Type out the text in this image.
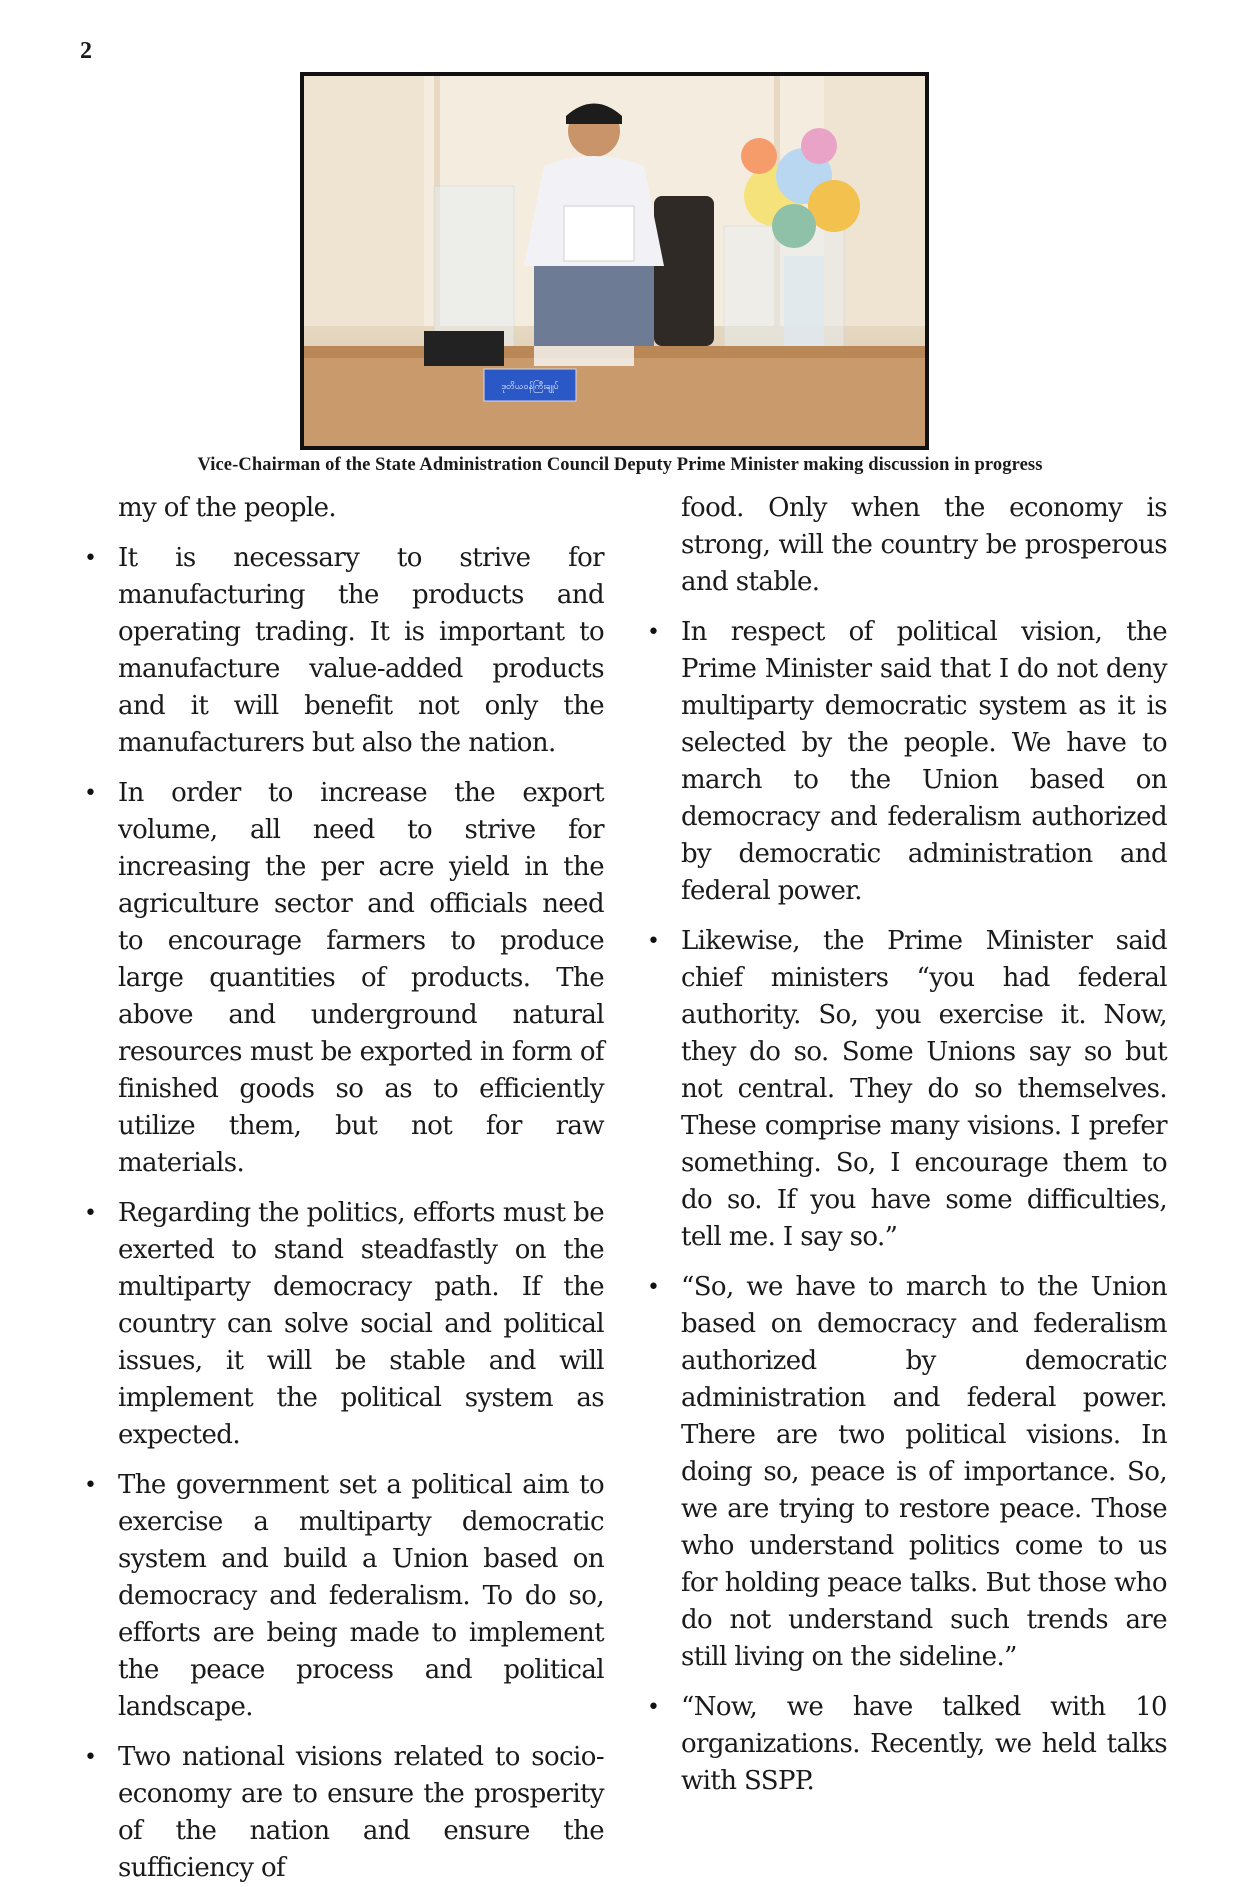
2
ဒုတိယဝန်ကြီးချုပ်
Vice-Chairman of the State Administration Council Deputy Prime Minister making discussion in progress

my of the people.

• It is necessary to strive for manufacturing the products and operating trading. It is important to manufacture value-added products and it will benefit not only the manufacturers but also the nation.
• In order to increase the export volume, all need to strive for increasing the per acre yield in the agriculture sector and officials need to encourage farmers to produce large quantities of products. The above and underground natural resources must be exported in form of finished goods so as to efficiently utilize them, but not for raw materials.
• Regarding the politics, efforts must be exerted to stand steadfastly on the multiparty democracy path. If the country can solve social and political issues, it will be stable and will implement the political system as expected.
• The government set a political aim to exercise a multiparty democratic system and build a Union based on democracy and federalism. To do so, efforts are being made to implement the peace process and political landscape.
• Two national visions related to socio-economy are to ensure the prosperity of the nation and ensure the sufficiency of

food. Only when the economy is strong, will the country be prosperous and stable.

• In respect of political vision, the Prime Minister said that I do not deny multiparty democratic system as it is selected by the people. We have to march to the Union based on democracy and federalism authorized by democratic administration and federal power.
• Likewise, the Prime Minister said chief ministers “you had federal authority. So, you exercise it. Now, they do so. Some Unions say so but not central. They do so themselves. These comprise many visions. I prefer something. So, I encourage them to do so. If you have some difficulties, tell me. I say so.”
• “So, we have to march to the Union based on democracy and federalism authorized by democratic administration and federal power. There are two political visions. In doing so, peace is of importance. So, we are trying to restore peace. Those who understand politics come to us for holding peace talks. But those who do not understand such trends are still living on the sideline.”
• “Now, we have talked with 10 organizations. Recently, we held talks with SSPP.
